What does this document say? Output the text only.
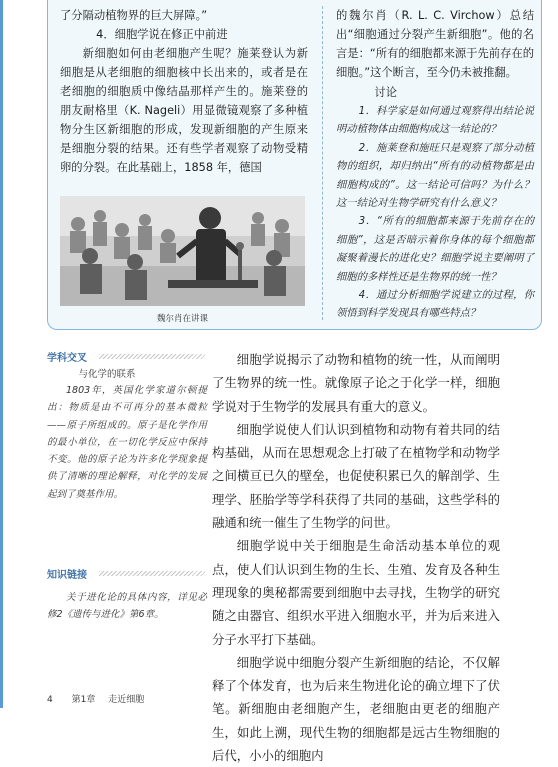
了分隔动植物界的巨大屏障。”

4．细胞学说在修正中前进

新细胞如何由老细胞产生呢？施莱登认为新细胞是从老细胞的细胞核中长出来的，或者是在老细胞的细胞质中像结晶那样产生的。施莱登的朋友耐格里（K. Nageli）用显微镜观察了多种植物分生区新细胞的形成，发现新细胞的产生原来是细胞分裂的结果。还有些学者观察了动物受精卵的分裂。在此基础上，1858 年，德国

魏尔肖在讲课

的魏尔肖（R. L. C. Virchow）总结出“细胞通过分裂产生新细胞”。他的名言是：“所有的细胞都来源于先前存在的细胞。”这个断言，至今仍未被推翻。

讨论

1．科学家是如何通过观察得出结论说明动植物体由细胞构成这一结论的？

2．施莱登和施旺只是观察了部分动植物的组织，却归纳出“所有的动植物都是由细胞构成的”。这一结论可信吗？为什么？这一结论对生物学研究有什么意义？

3．“所有的细胞都来源于先前存在的细胞”，这是否暗示着你身体的每个细胞都凝聚着漫长的进化史？细胞学说主要阐明了细胞的多样性还是生物界的统一性？

4．通过分析细胞学说建立的过程，你领悟到科学发现具有哪些特点？

学科交叉

与化学的联系

1803年，英国化学家道尔顿提出：物质是由不可再分的基本微粒——原子所组成的。原子是化学作用的最小单位，在一切化学反应中保持不变。他的原子论为许多化学现象提供了清晰的理论解释，对化学的发展起到了奠基作用。

知识链接

关于进化论的具体内容，详见必修2《遗传与进化》第6章。

细胞学说揭示了动物和植物的统一性，从而阐明了生物界的统一性。就像原子论之于化学一样，细胞学说对于生物学的发展具有重大的意义。

细胞学说使人们认识到植物和动物有着共同的结构基础，从而在思想观念上打破了在植物学和动物学之间横亘已久的壁垒，也促使积累已久的解剖学、生理学、胚胎学等学科获得了共同的基础，这些学科的融通和统一催生了生物学的问世。

细胞学说中关于细胞是生命活动基本单位的观点，使人们认识到生物的生长、生殖、发育及各种生理现象的奥秘都需要到细胞中去寻找，生物学的研究随之由器官、组织水平进入细胞水平，并为后来进入分子水平打下基础。

细胞学说中细胞分裂产生新细胞的结论，不仅解释了个体发育，也为后来生物进化论的确立埋下了伏笔。新细胞由老细胞产生，老细胞由更老的细胞产生，如此上溯，现代生物的细胞都是远古生物细胞的后代，小小的细胞内

4 第1章 走近细胞
